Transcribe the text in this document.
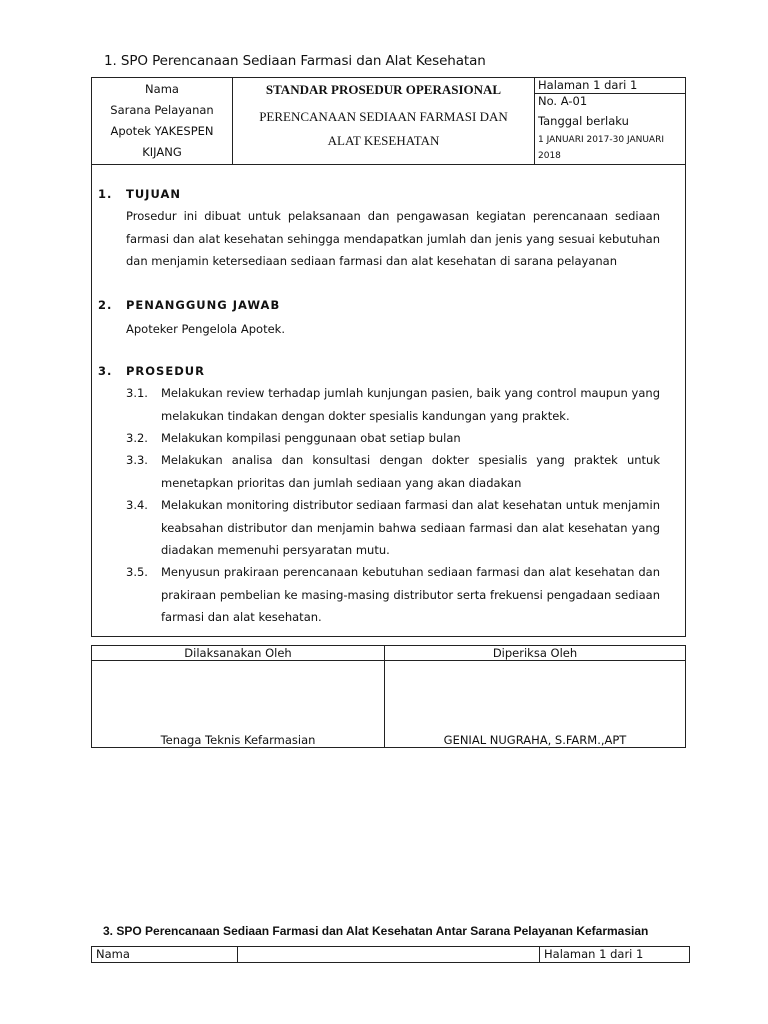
1. SPO Perencanaan Sediaan Farmasi dan Alat Kesehatan
Nama
Sarana Pelayanan
Apotek YAKESPEN
KIJANG

STANDAR PROSEDUR OPERASIONAL
PERENCANAAN SEDIAAN FARMASI DAN
ALAT KESEHATAN

Halaman 1 dari 1
No. A-01
Tanggal berlaku
1 JANUARI 2017-30 JANUARI
2018

1. TUJUAN
Prosedur ini dibuat untuk pelaksanaan dan pengawasan kegiatan perencanaan sediaan farmasi dan alat kesehatan sehingga mendapatkan jumlah dan jenis yang sesuai kebutuhan dan menjamin ketersediaan sediaan farmasi dan alat kesehatan di sarana pelayanan
2. PENANGGUNG JAWAB
Apoteker Pengelola Apotek.
3. PROSEDUR
3.1.	Melakukan review terhadap jumlah kunjungan pasien, baik yang control maupun yang melakukan tindakan dengan dokter spesialis kandungan yang praktek.
3.2.	Melakukan kompilasi penggunaan obat setiap bulan
3.3.	Melakukan analisa dan konsultasi dengan dokter spesialis yang praktek untuk menetapkan prioritas dan jumlah sediaan yang akan diadakan
3.4.	Melakukan monitoring distributor sediaan farmasi dan alat kesehatan untuk menjamin keabsahan distributor dan menjamin bahwa sediaan farmasi dan alat kesehatan yang diadakan memenuhi persyaratan mutu.
3.5.	Menyusun prakiraan perencanaan kebutuhan sediaan farmasi dan alat kesehatan dan prakiraan pembelian ke masing-masing distributor serta frekuensi pengadaan sediaan farmasi dan alat kesehatan.
Dilaksanakan Oleh	Diperiksa Oleh

Tenaga Teknis Kefarmasian	GENIAL NUGRAHA, S.FARM.,APT
3. SPO Perencanaan Sediaan Farmasi dan Alat Kesehatan Antar Sarana Pelayanan Kefarmasian
Nama		Halaman 1 dari 1
